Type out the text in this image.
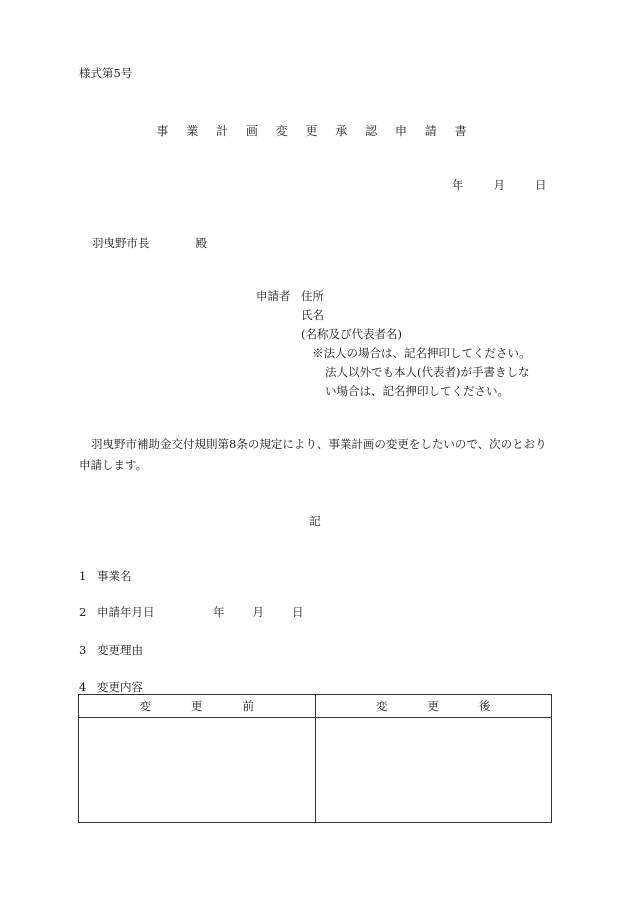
様式第5号
事 業 計 画 変 更 承 認 申 請 書
年	月	日
羽曳野市長	殿
申請者 住所
氏名
(名称及び代表者名)
※法人の場合は、記名押印してください。
法人以外でも本人(代表者)が手書きしな
い場合は、記名押印してください。
羽曳野市補助金交付規則第8条の規定により、事業計画の変更をしたいので、次のとおり申請します。
記
1 事業名
2 申請年月日	年 月 日
3 変更理由
4 変更内容
変更前	変更後
